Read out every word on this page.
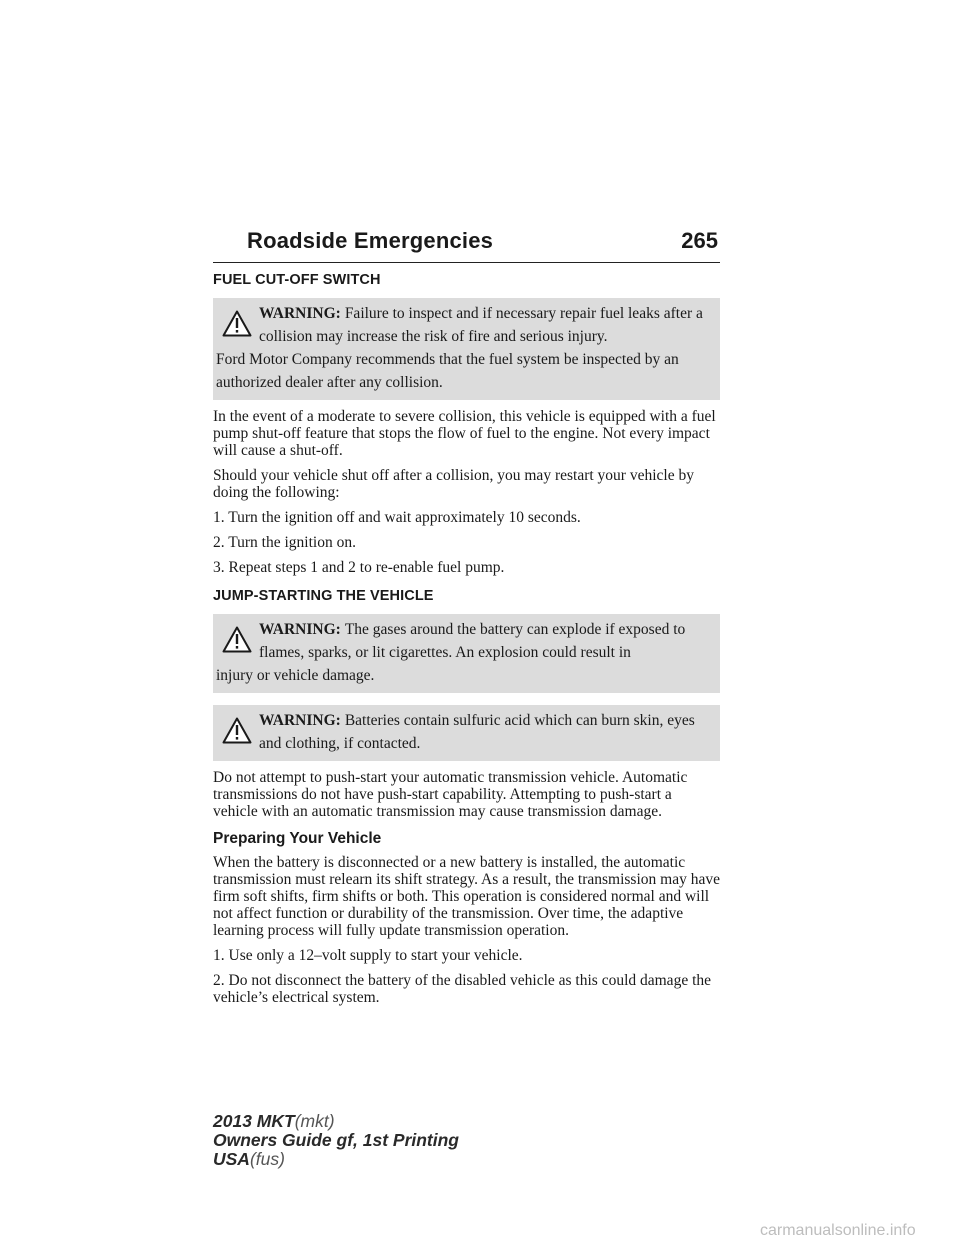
Roadside Emergencies	265
FUEL CUT-OFF SWITCH
WARNING: Failure to inspect and if necessary repair fuel leaks after a collision may increase the risk of fire and serious injury.
Ford Motor Company recommends that the fuel system be inspected by an authorized dealer after any collision.

In the event of a moderate to severe collision, this vehicle is equipped with a fuel pump shut-off feature that stops the flow of fuel to the engine. Not every impact will cause a shut-off.

Should your vehicle shut off after a collision, you may restart your vehicle by doing the following:

1. Turn the ignition off and wait approximately 10 seconds.

2. Turn the ignition on.

3. Repeat steps 1 and 2 to re-enable fuel pump.

JUMP-STARTING THE VEHICLE
WARNING: The gases around the battery can explode if exposed to flames, sparks, or lit cigarettes. An explosion could result in
injury or vehicle damage.
WARNING: Batteries contain sulfuric acid which can burn skin, eyes and clothing, if contacted.

Do not attempt to push-start your automatic transmission vehicle. Automatic transmissions do not have push-start capability. Attempting to push-start a vehicle with an automatic transmission may cause transmission damage.

Preparing Your Vehicle

When the battery is disconnected or a new battery is installed, the automatic transmission must relearn its shift strategy. As a result, the transmission may have firm soft shifts, firm shifts or both. This operation is considered normal and will not affect function or durability of the transmission. Over time, the adaptive learning process will fully update transmission operation.

1. Use only a 12–volt supply to start your vehicle.

2. Do not disconnect the battery of the disabled vehicle as this could damage the vehicle’s electrical system.

2013 MKT(mkt)
Owners Guide gf, 1st Printing
USA(fus)
carmanualsonline.info
